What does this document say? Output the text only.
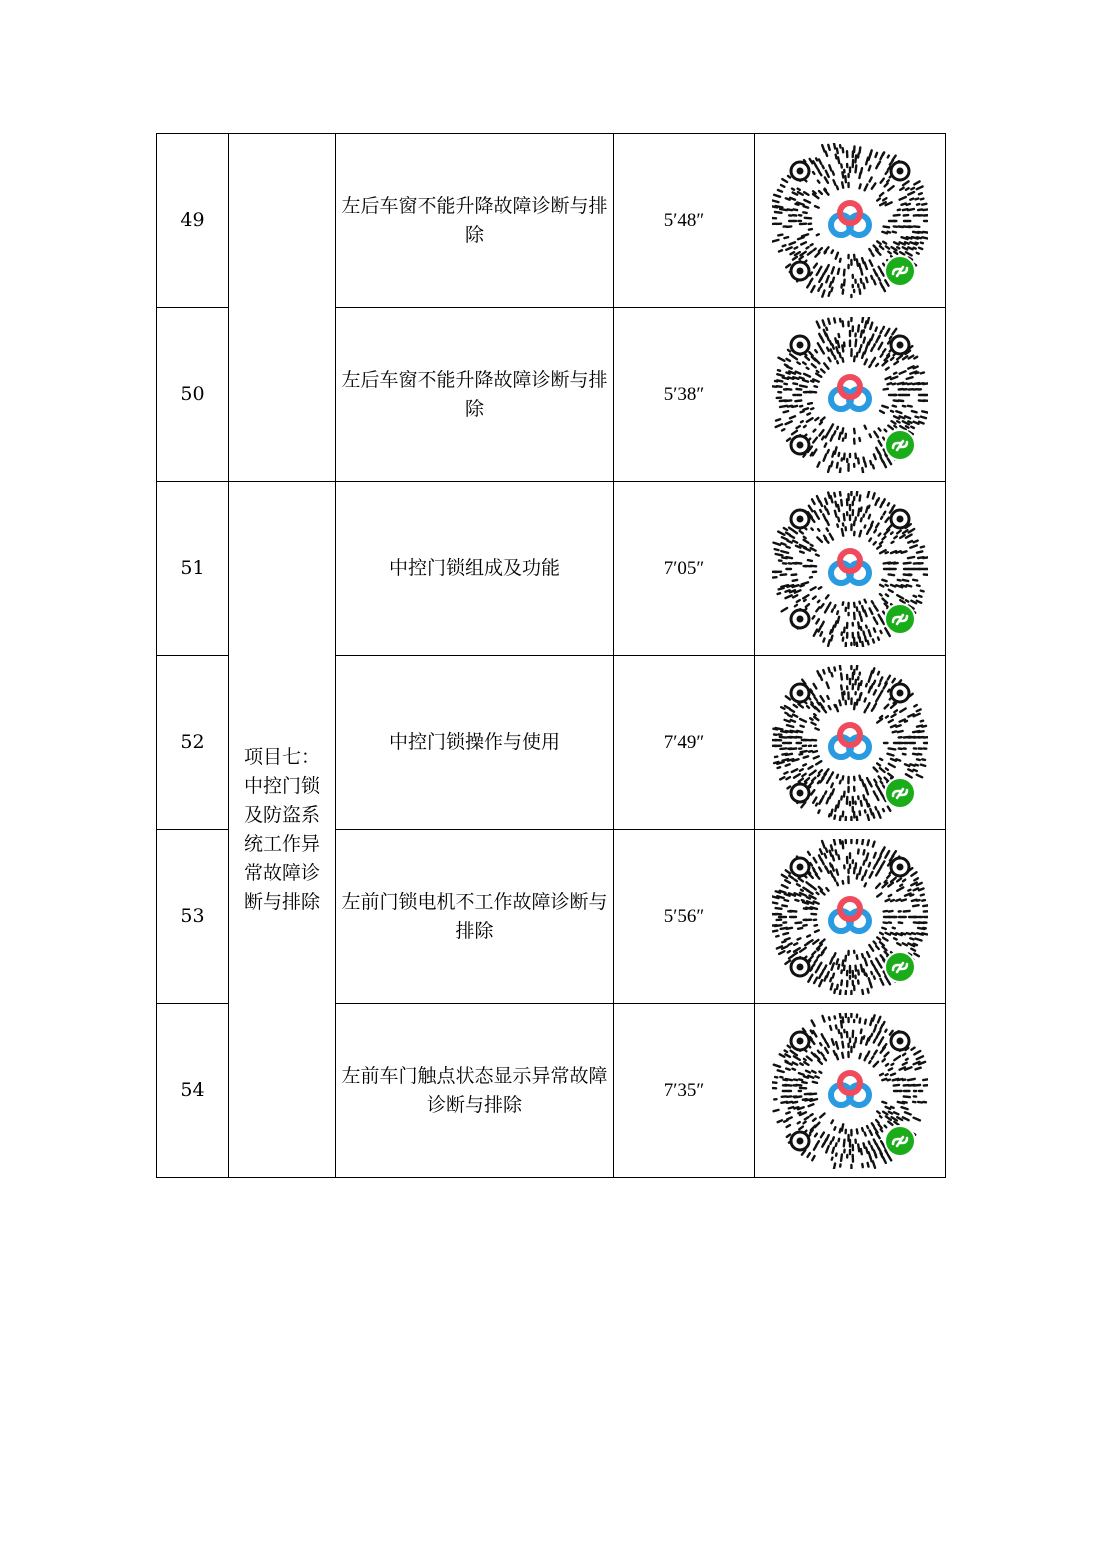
49		左后车窗不能升降故障诊断与排除	5′48″	

50		左后车窗不能升降故障诊断与排除	5′38″	

51	项目七：中控门锁及防盗系统工作异常故障诊断与排除	中控门锁组成及功能	7′05″	

52		中控门锁操作与使用	7′49″	

53		左前门锁电机不工作故障诊断与排除	5′56″	

54		左前车门触点状态显示异常故障诊断与排除	7′35″	
